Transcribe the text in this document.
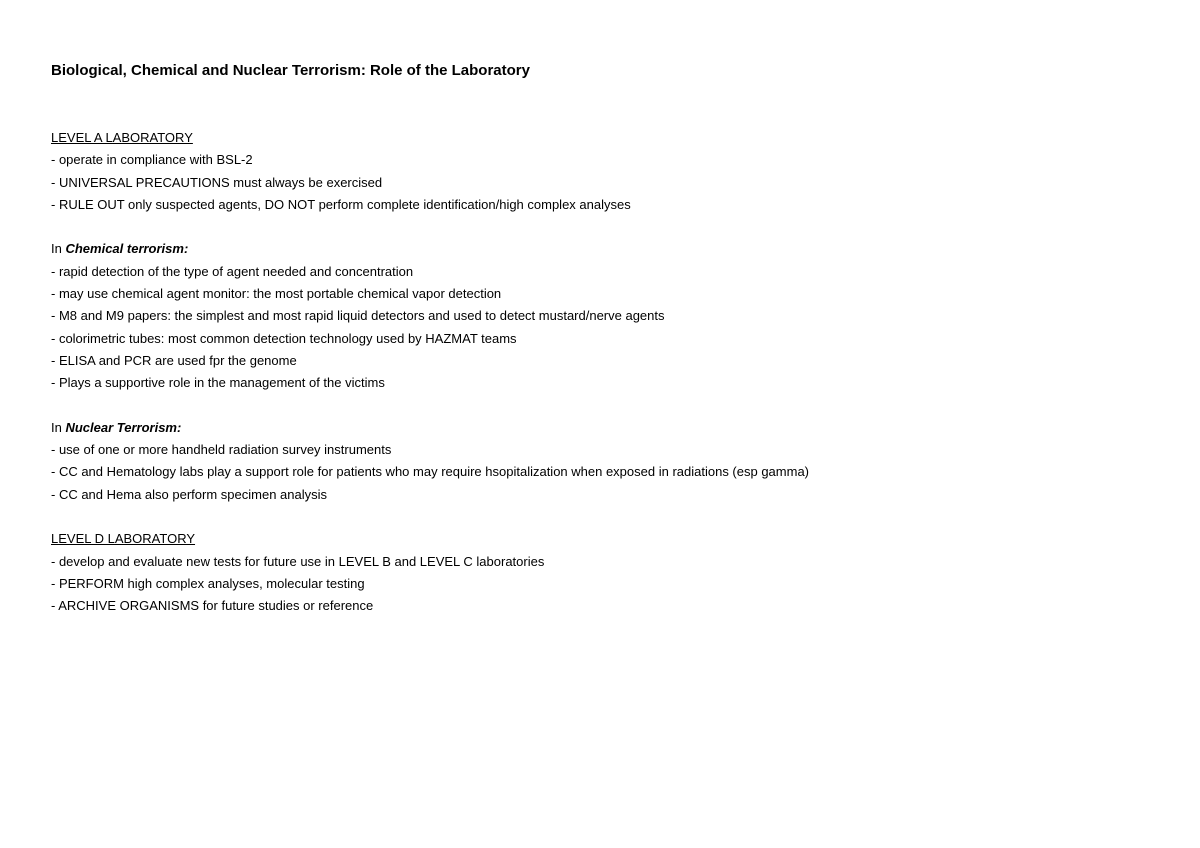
Biological, Chemical and Nuclear Terrorism: Role of the Laboratory
LEVEL A LABORATORY
- operate in compliance with BSL-2
- UNIVERSAL PRECAUTIONS must always be exercised
- RULE OUT only suspected agents, DO NOT perform complete identification/high complex analyses
In Chemical terrorism:
- rapid detection of the type of agent needed and concentration
- may use chemical agent monitor: the most portable chemical vapor detection
- M8 and M9 papers: the simplest and most rapid liquid detectors and used to detect mustard/nerve agents
- colorimetric tubes: most common detection technology used by HAZMAT teams
- ELISA and PCR are used fpr the genome
- Plays a supportive role in the management of the victims
In Nuclear Terrorism:
- use of one or more handheld radiation survey instruments
- CC and Hematology labs play a support role for patients who may require hsopitalization when exposed in radiations (esp gamma)
- CC and Hema also perform specimen analysis
LEVEL D LABORATORY
- develop and evaluate new tests for future use in LEVEL B and LEVEL C laboratories
- PERFORM high complex analyses, molecular testing
- ARCHIVE ORGANISMS for future studies or reference
